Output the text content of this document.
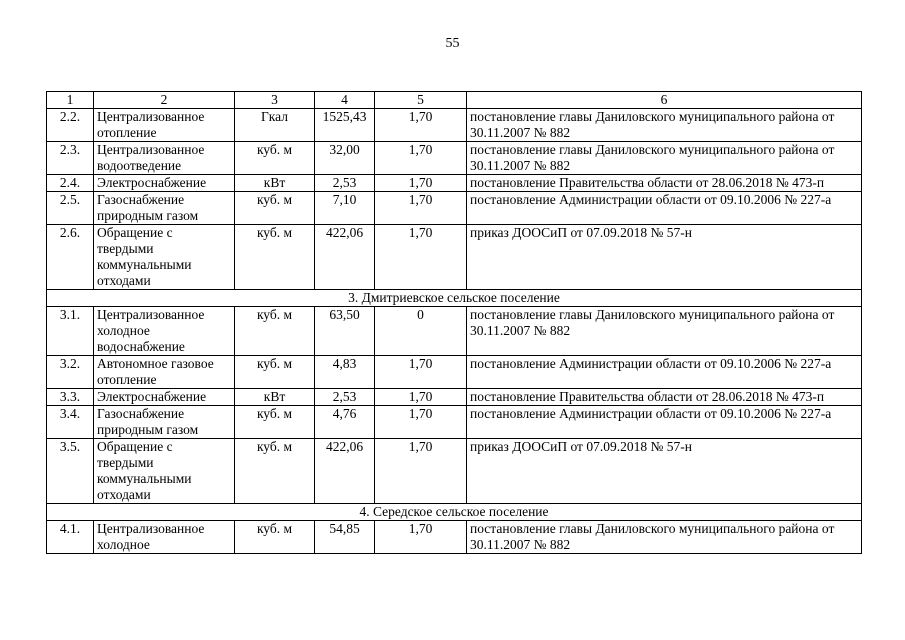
55
1	2	3	4	5	6
2.2.	Централизованное отопление	Гкал	1525,43	1,70	постановление главы Даниловского муниципального района от 30.11.2007 № 882
2.3.	Централизованное водоотведение	куб. м	32,00	1,70	постановление главы Даниловского муниципального района от 30.11.2007 № 882
2.4.	Электроснабжение	кВт	2,53	1,70	постановление Правительства области от 28.06.2018 № 473-п
2.5.	Газоснабжение природным газом	куб. м	7,10	1,70	постановление Администрации области от 09.10.2006 № 227-а
2.6.	Обращение с твердыми коммунальными отходами	куб. м	422,06	1,70	приказ ДООСиП от 07.09.2018 № 57-н
3. Дмитриевское сельское поселение					
3.1.	Централизованное холодное водоснабжение	куб. м	63,50	0	постановление главы Даниловского муниципального района от 30.11.2007 № 882
3.2.	Автономное газовое отопление	куб. м	4,83	1,70	постановление Администрации области от 09.10.2006 № 227-а
3.3.	Электроснабжение	кВт	2,53	1,70	постановление Правительства области от 28.06.2018 № 473-п
3.4.	Газоснабжение природным газом	куб. м	4,76	1,70	постановление Администрации области от 09.10.2006 № 227-а
3.5.	Обращение с твердыми коммунальными отходами	куб. м	422,06	1,70	приказ ДООСиП от 07.09.2018 № 57-н
4. Середское сельское поселение					
4.1.	Централизованное холодное	куб. м	54,85	1,70	постановление главы Даниловского муниципального района от 30.11.2007 № 882
